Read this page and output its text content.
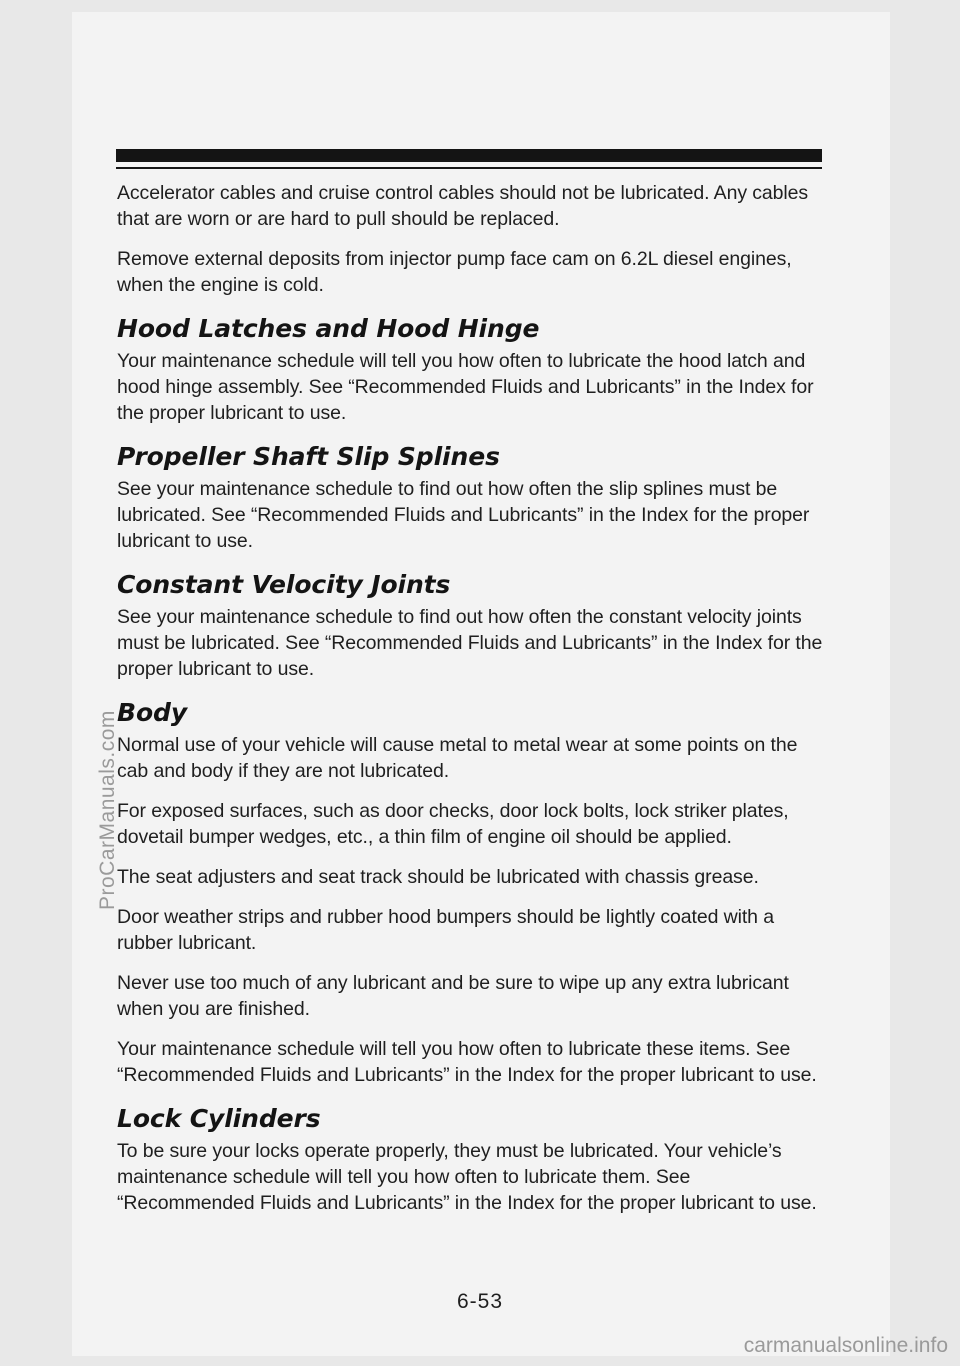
Accelerator cables and cruise control cables should not be lubricated. Any cables that are worn or are hard to pull should be replaced.

Remove external deposits from injector pump face cam on 6.2L diesel engines, when the engine is cold.

Hood Latches and Hood Hinge

Your maintenance schedule will tell you how often to lubricate the hood latch and hood hinge assembly. See “Recommended Fluids and Lubricants” in the Index for the proper lubricant to use.

Propeller Shaft Slip Splines

See your maintenance schedule to find out how often the slip splines must be lubricated. See “Recommended Fluids and Lubricants” in the Index for the proper lubricant to use.

Constant Velocity Joints

See your maintenance schedule to find out how often the constant velocity joints must be lubricated. See “Recommended Fluids and Lubricants” in the Index for the proper lubricant to use.

Body

Normal use of your vehicle will cause metal to metal wear at some points on the cab and body if they are not lubricated.

For exposed surfaces, such as door checks, door lock bolts, lock striker plates, dovetail bumper wedges, etc., a thin film of engine oil should be applied.

The seat adjusters and seat track should be lubricated with chassis grease.

Door weather strips and rubber hood bumpers should be lightly coated with a rubber lubricant.

Never use too much of any lubricant and be sure to wipe up any extra lubricant when you are finished.

Your maintenance schedule will tell you how often to lubricate these items. See “Recommended Fluids and Lubricants” in the Index for the proper lubricant to use.

Lock Cylinders

To be sure your locks operate properly, they must be lubricated. Your vehicle’s maintenance schedule will tell you how often to lubricate them. See “Recommended Fluids and Lubricants” in the Index for the proper lubricant to use.

6-53
ProCarManuals.com
carmanualsonline.info
